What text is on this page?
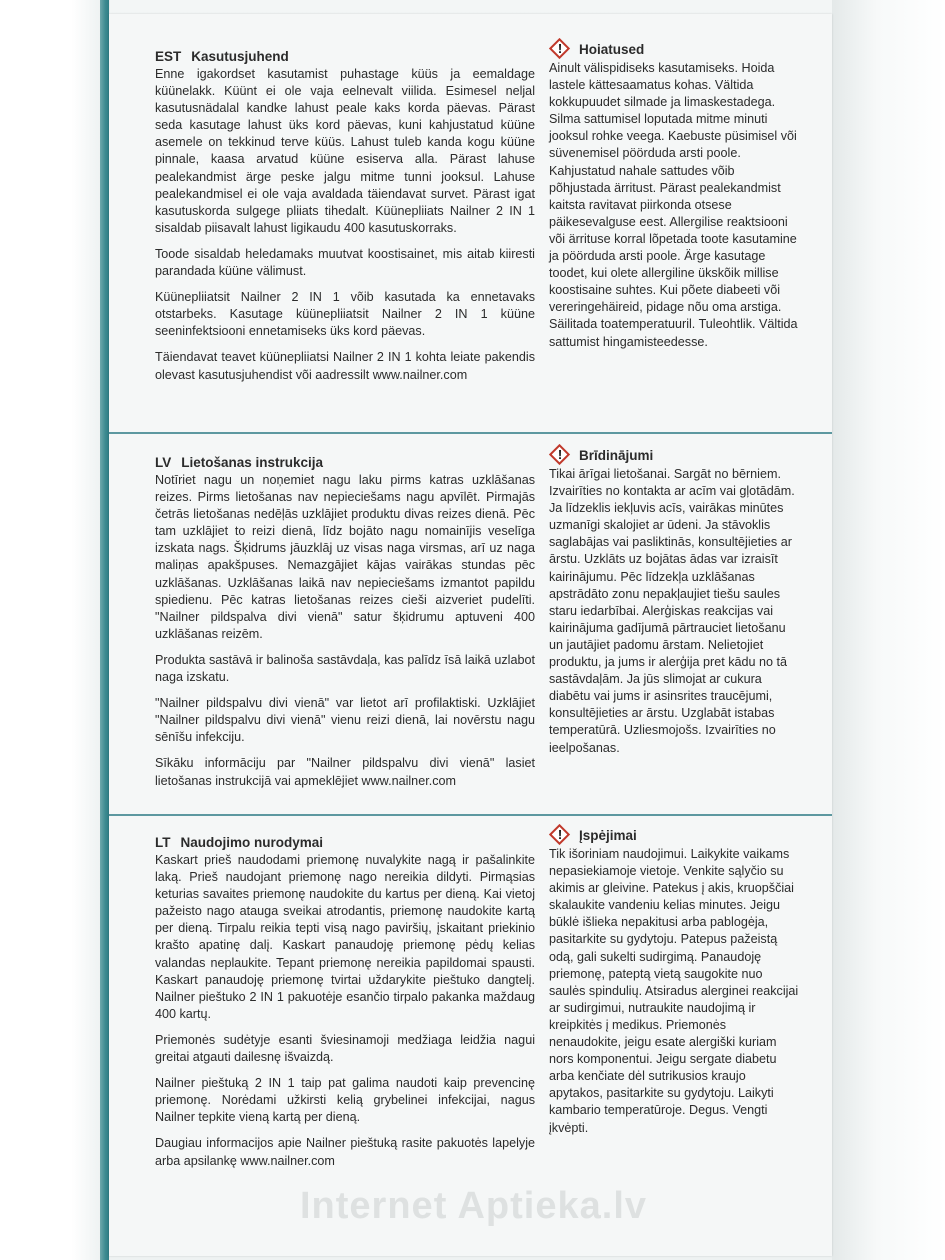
EST Kasutusjuhend

Enne igakordset kasutamist puhastage küüs ja eemaldage küünelakk. Küünt ei ole vaja eelnevalt viilida. Esimesel neljal kasutusnädalal kandke lahust peale kaks korda päevas. Pärast seda kasutage lahust üks kord päevas, kuni kahjustatud küüne asemele on tekkinud terve küüs. Lahust tuleb kanda kogu küüne pinnale, kaasa arvatud küüne esiserva alla. Pärast lahuse pealekandmist ärge peske jalgu mitme tunni jooksul. Lahuse pealekandmisel ei ole vaja avaldada täiendavat survet. Pärast igat kasutuskorda sulgege pliiats tihedalt. Küünepliiats Nailner 2 IN 1 sisaldab piisavalt lahust ligikaudu 400 kasutuskorraks.

Toode sisaldab heledamaks muutvat koostisainet, mis aitab kiiresti parandada küüne välimust.

Küünepliiatsit Nailner 2 IN 1 võib kasutada ka ennetavaks otstarbeks. Kasutage küünepliiatsit Nailner 2 IN 1 küüne seeninfektsiooni ennetamiseks üks kord päevas.

Täiendavat teavet küünepliiatsi Nailner 2 IN 1 kohta leiate pakendis olevast kasutusjuhendist või aadressilt www.nailner.com

!	Hoiatused

Ainult välispidiseks kasutamiseks. Hoida lastele kättesaamatus kohas. Vältida kokkupuudet silmade ja limaskestadega. Silma sattumisel loputada mitme minuti jooksul rohke veega. Kaebuste püsimisel või süvenemisel pöörduda arsti poole. Kahjustatud nahale sattudes võib põhjustada ärritust. Pärast pealekandmist kaitsta ravitavat piirkonda otsese päikesevalguse eest. Allergilise reaktsiooni või ärrituse korral lõpetada toote kasutamine ja pöörduda arsti poole. Ärge kasutage toodet, kui olete allergiline ükskõik millise koostisaine suhtes. Kui põete diabeeti või vereringehäireid, pidage nõu oma arstiga. Säilitada toatemperatuuril. Tuleohtlik. Vältida sattumist hingamisteedesse.

LV Lietošanas instrukcija

Notīriet nagu un noņemiet nagu laku pirms katras uzklāšanas reizes. Pirms lietošanas nav nepieciešams nagu apvīlēt. Pirmajās četrās lietošanas nedēļās uzklājiet produktu divas reizes dienā. Pēc tam uzklājiet to reizi dienā, līdz bojāto nagu nomainījis veselīga izskata nags. Šķidrums jāuzklāj uz visas naga virsmas, arī uz naga maliņas apakšpuses. Nemazgājiet kājas vairākas stundas pēc uzklāšanas. Uzklāšanas laikā nav nepieciešams izmantot papildu spiedienu. Pēc katras lietošanas reizes cieši aizveriet pudelīti. "Nailner pildspalva divi vienā" satur šķidrumu aptuveni 400 uzklāšanas reizēm.

Produkta sastāvā ir balinoša sastāvdaļa, kas palīdz īsā laikā uzlabot naga izskatu.

"Nailner pildspalvu divi vienā" var lietot arī profilaktiski. Uzklājiet "Nailner pildspalvu divi vienā" vienu reizi dienā, lai novērstu nagu sēnīšu infekciju.

Sīkāku informāciju par "Nailner pildspalvu divi vienā" lasiet lietošanas instrukcijā vai apmeklējiet www.nailner.com

!	Brīdinājumi

Tikai ārīgai lietošanai. Sargāt no bērniem. Izvairīties no kontakta ar acīm vai gļotādām. Ja līdzeklis iekļuvis acīs, vairākas minūtes uzmanīgi skalojiet ar ūdeni. Ja stāvoklis saglabājas vai pasliktinās, konsultējieties ar ārstu. Uzklāts uz bojātas ādas var izraisīt kairinājumu. Pēc līdzekļa uzklāšanas apstrādāto zonu nepakļaujiet tiešu saules staru iedarbībai. Alerģiskas reakcijas vai kairinājuma gadījumā pārtrauciet lietošanu un jautājiet padomu ārstam. Nelietojiet produktu, ja jums ir alerģija pret kādu no tā sastāvdaļām. Ja jūs slimojat ar cukura diabētu vai jums ir asinsrites traucējumi, konsultējieties ar ārstu. Uzglabāt istabas temperatūrā. Uzliesmojošs. Izvairīties no ieelpošanas.

LT Naudojimo nurodymai

Kaskart prieš naudodami priemonę nuvalykite nagą ir pašalinkite laką. Prieš naudojant priemonę nago nereikia dildyti. Pirmąsias keturias savaites priemonę naudokite du kartus per dieną. Kai vietoj pažeisto nago atauga sveikai atrodantis, priemonę naudokite kartą per dieną. Tirpalu reikia tepti visą nago paviršių, įskaitant priekinio krašto apatinę dalį. Kaskart panaudoję priemonę pėdų kelias valandas neplaukite. Tepant priemonę nereikia papildomai spausti. Kaskart panaudoję priemonę tvirtai uždarykite pieštuko dangtelį. Nailner pieštuko 2 IN 1 pakuotėje esančio tirpalo pakanka maždaug 400 kartų.

Priemonės sudėtyje esanti šviesinamoji medžiaga leidžia nagui greitai atgauti dailesnę išvaizdą.

Nailner pieštuką 2 IN 1 taip pat galima naudoti kaip prevencinę priemonę. Norėdami užkirsti kelią grybelinei infekcijai, nagus Nailner tepkite vieną kartą per dieną.

Daugiau informacijos apie Nailner pieštuką rasite pakuotės lapelyje arba apsilankę www.nailner.com

!	Įspėjimai

Tik išoriniam naudojimui. Laikykite vaikams nepasiekiamoje vietoje. Venkite sąlyčio su akimis ar gleivine. Patekus į akis, kruopščiai skalaukite vandeniu kelias minutes. Jeigu būklė išlieka nepakitusi arba pablogėja, pasitarkite su gydytoju. Patepus pažeistą odą, gali sukelti sudirgimą. Panaudoję priemonę, pateptą vietą saugokite nuo saulės spindulių. Atsiradus alerginei reakcijai ar sudirgimui, nutraukite naudojimą ir kreipkitės į medikus. Priemonės nenaudokite, jeigu esate alergiški kuriam nors komponentui. Jeigu sergate diabetu arba kenčiate dėl sutrikusios kraujo apytakos, pasitarkite su gydytoju. Laikyti kambario temperatūroje. Degus. Vengti įkvėpti.

Internet Aptieka.lv
